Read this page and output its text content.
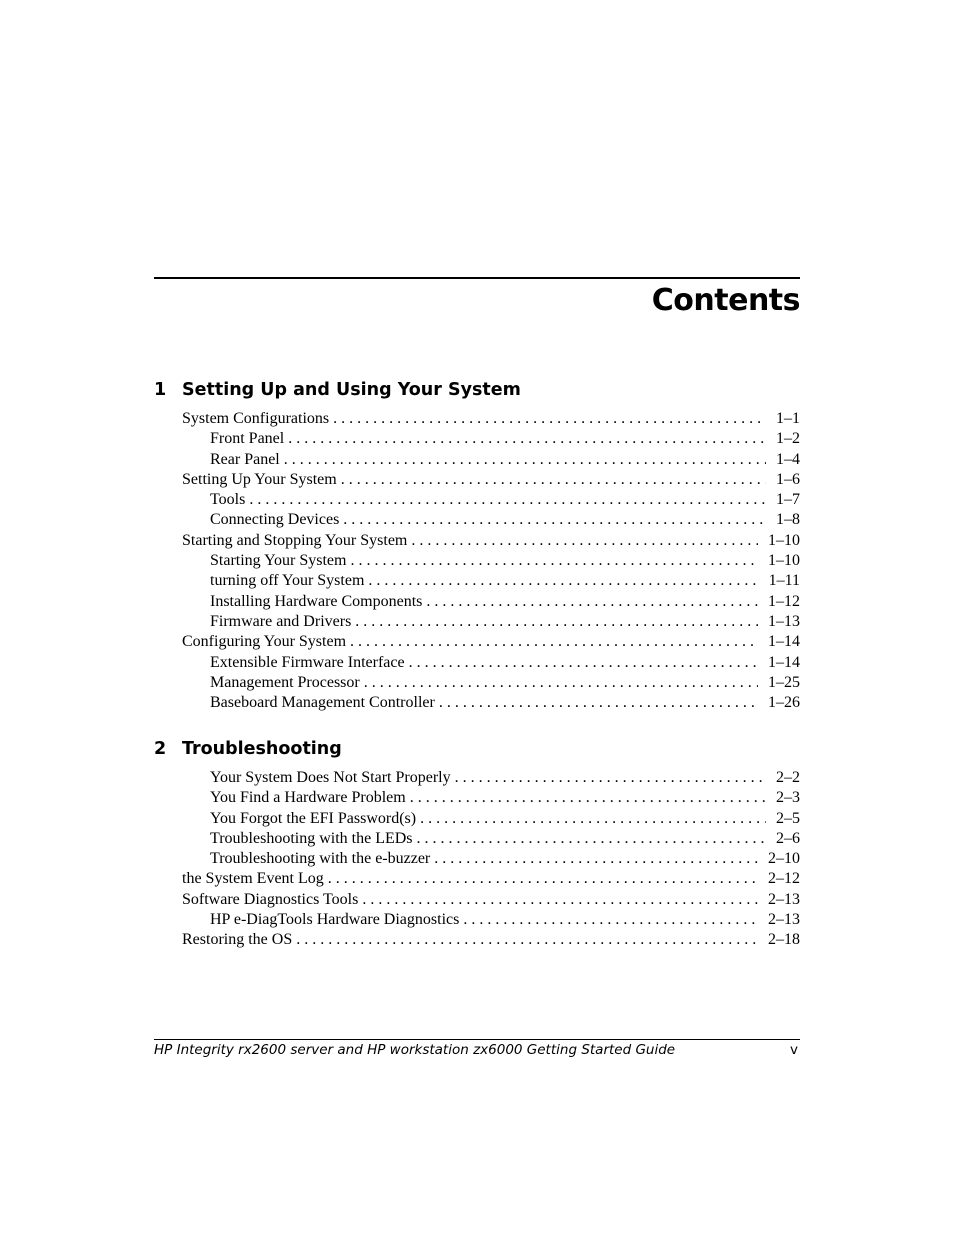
Contents
1 Setting Up and Using Your System
System Configurations . . .	1–1
Front Panel . . .	1–2
Rear Panel . . .	1–4
Setting Up Your System . . .	1–6
Tools . . .	1–7
Connecting Devices . . .	1–8
Starting and Stopping Your System . . .	1–10
Starting Your System . . .	1–10
turning off Your System . . .	1–11
Installing Hardware Components . . .	1–12
Firmware and Drivers . . .	1–13
Configuring Your System . . .	1–14
Extensible Firmware Interface . . .	1–14
Management Processor . . .	1–25
Baseboard Management Controller . . .	1–26
2 Troubleshooting
Your System Does Not Start Properly . . .	2–2
You Find a Hardware Problem . . .	2–3
You Forgot the EFI Password(s) . . .	2–5
Troubleshooting with the LEDs . . .	2–6
Troubleshooting with the e-buzzer . . .	2–10
the System Event Log . . .	2–12
Software Diagnostics Tools . . .	2–13
HP e-DiagTools Hardware Diagnostics . . .	2–13
Restoring the OS . . .	2–18
HP Integrity rx2600 server and HP workstation zx6000 Getting Started Guide	v
